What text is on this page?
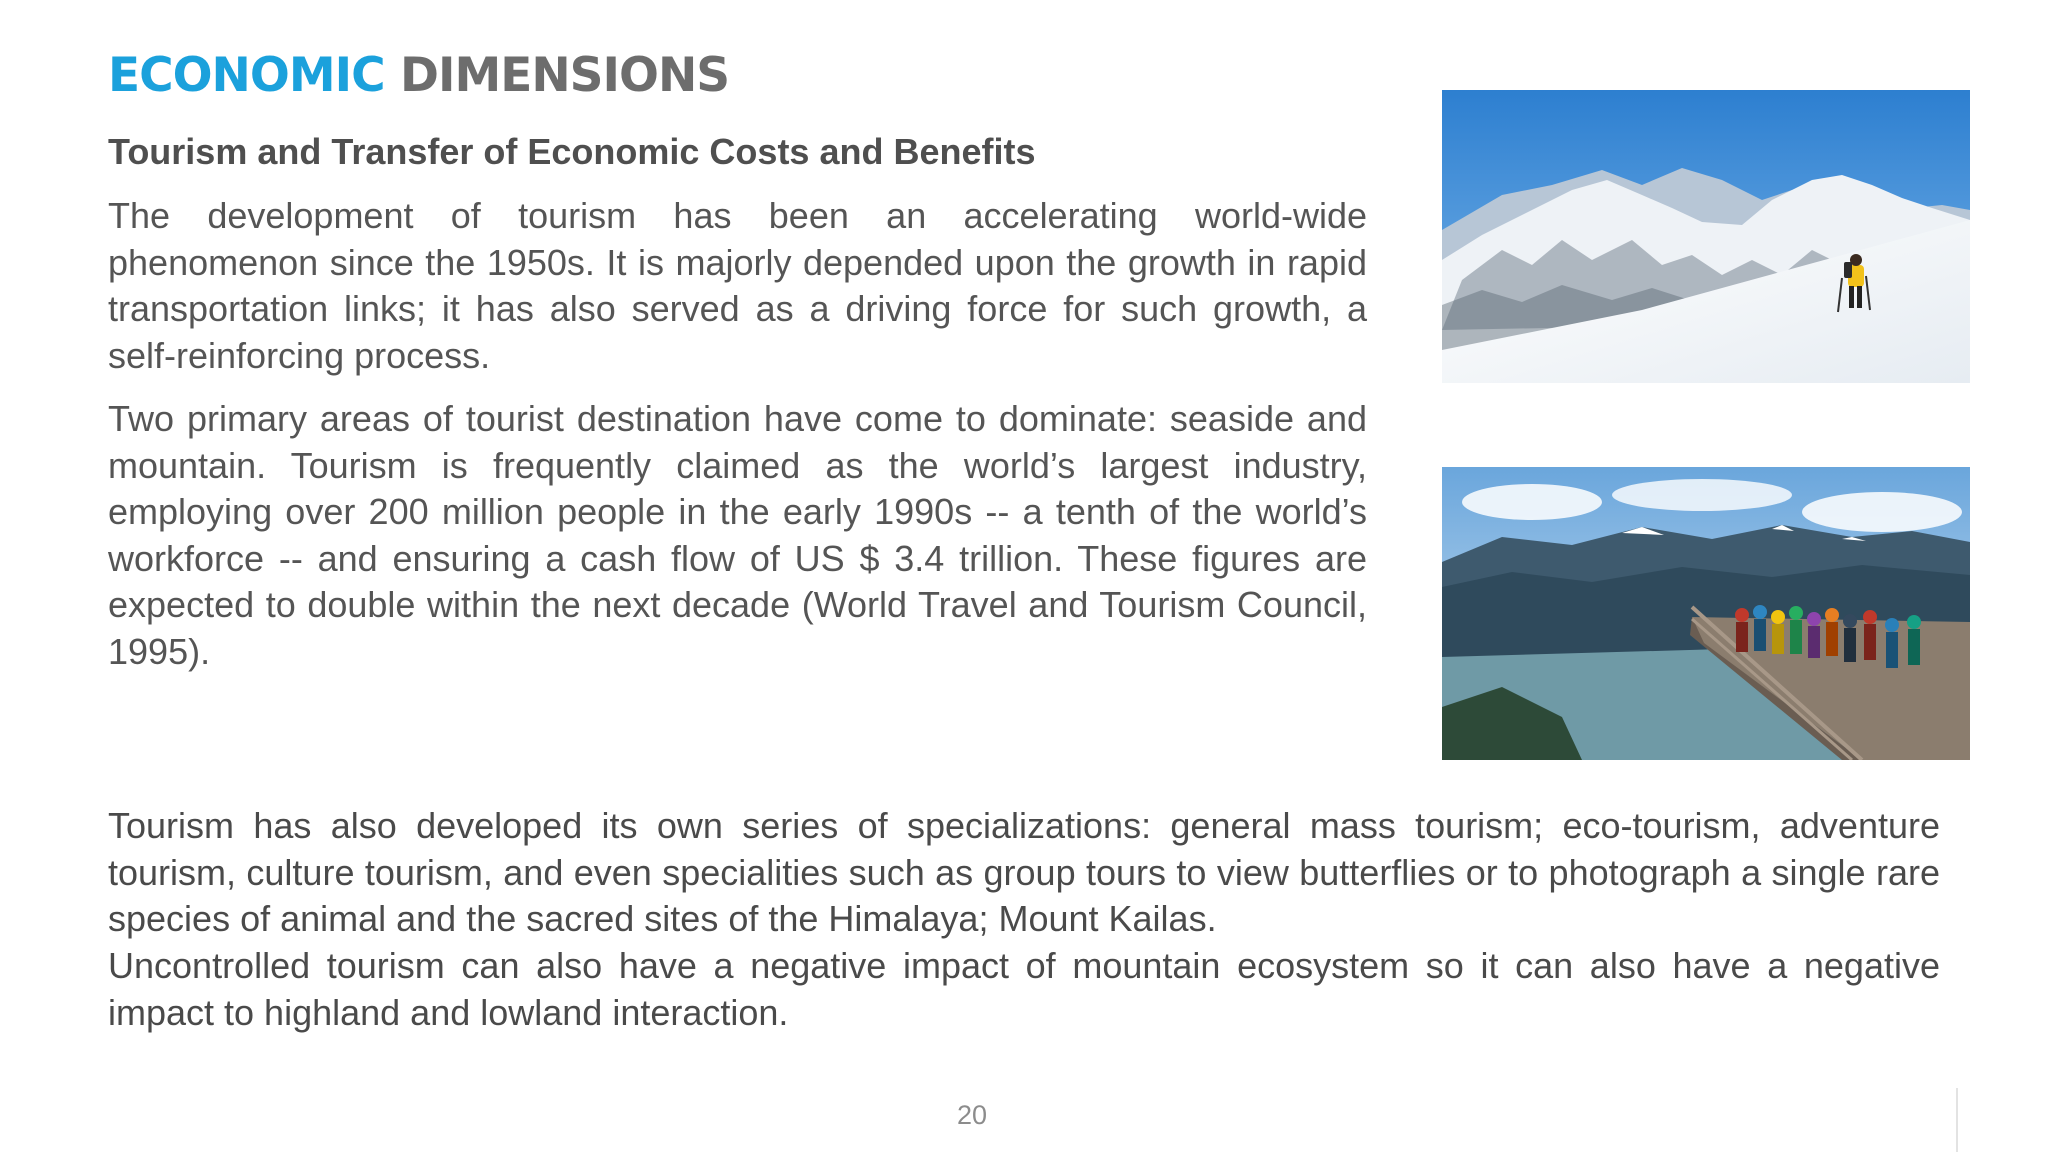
ECONOMIC DIMENSIONS
Tourism and Transfer of Economic Costs and Benefits

The development of tourism has been an accelerating world-wide phenomenon since the 1950s. It is majorly depended upon the growth in rapid transportation links; it has also served as a driving force for such growth, a self-reinforcing process.

Two primary areas of tourist destination have come to dominate: seaside and mountain. Tourism is frequently claimed as the world’s largest industry, employing over 200 million people in the early 1990s -- a tenth of the world’s workforce -- and ensuring a cash flow of US $ 3.4 trillion. These figures are expected to double within the next decade (World Travel and Tourism Council, 1995).

Tourism has also developed its own series of specializations: general mass tourism; eco-tourism, adventure tourism, culture tourism, and even specialities such as group tours to view butterflies or to photograph a single rare species of animal and the sacred sites of the Himalaya; Mount Kailas.

Uncontrolled tourism can also have a negative impact of mountain ecosystem so it can also have a negative impact to highland and lowland interaction.

20
